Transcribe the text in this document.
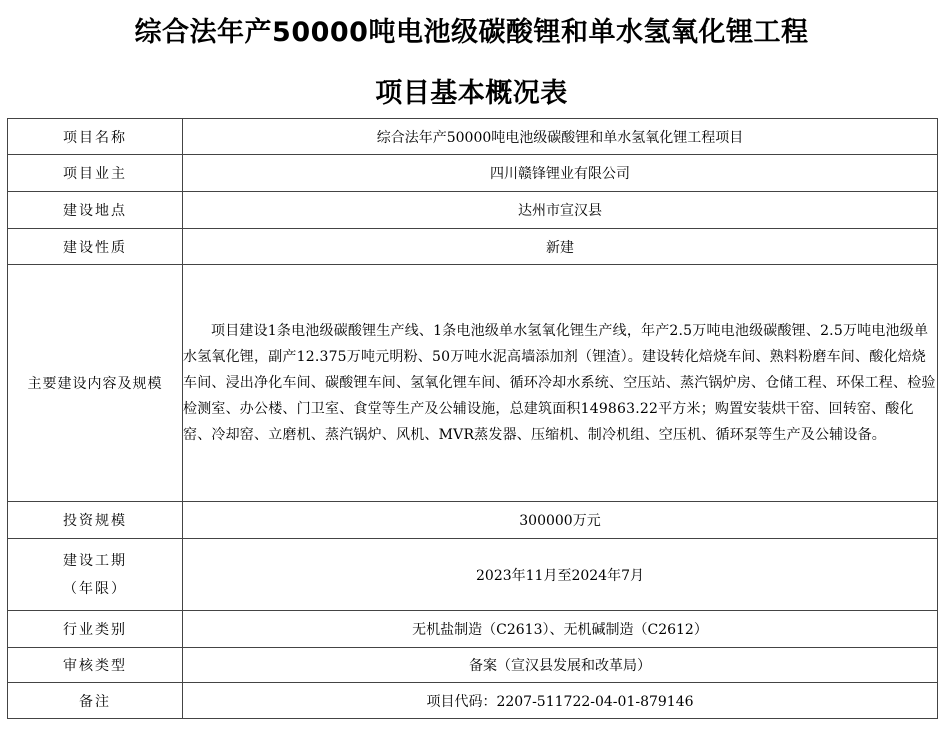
综合法年产50000吨电池级碳酸锂和单水氢氧化锂工程
项目基本概况表
项目名称	综合法年产50000吨电池级碳酸锂和单水氢氧化锂工程项目
项目业主	四川赣锋锂业有限公司
建设地点	达州市宣汉县
建设性质	新建
主要建设内容及规模	项目建设1条电池级碳酸锂生产线、1条电池级单水氢氧化锂生产线，年产2.5万吨电池级碳酸锂、2.5万吨电池级单水氢氧化锂，副产12.375万吨元明粉、50万吨水泥高墙添加剂（锂渣）。建设转化焙烧车间、熟料粉磨车间、酸化焙烧车间、浸出净化车间、碳酸锂车间、氢氧化锂车间、循环冷却水系统、空压站、蒸汽锅炉房、仓储工程、环保工程、检验检测室、办公楼、门卫室、食堂等生产及公辅设施，总建筑面积149863.22平方米；购置安装烘干窑、回转窑、酸化窑、冷却窑、立磨机、蒸汽锅炉、风机、MVR蒸发器、压缩机、制冷机组、空压机、循环泵等生产及公辅设备。
投资规模	300000万元

建设工期
（年限）	2023年11月至2024年7月
行业类别	无机盐制造（C2613）、无机碱制造（C2612）
审核类型	备案（宣汉县发展和改革局）
备注	项目代码：2207-511722-04-01-879146
